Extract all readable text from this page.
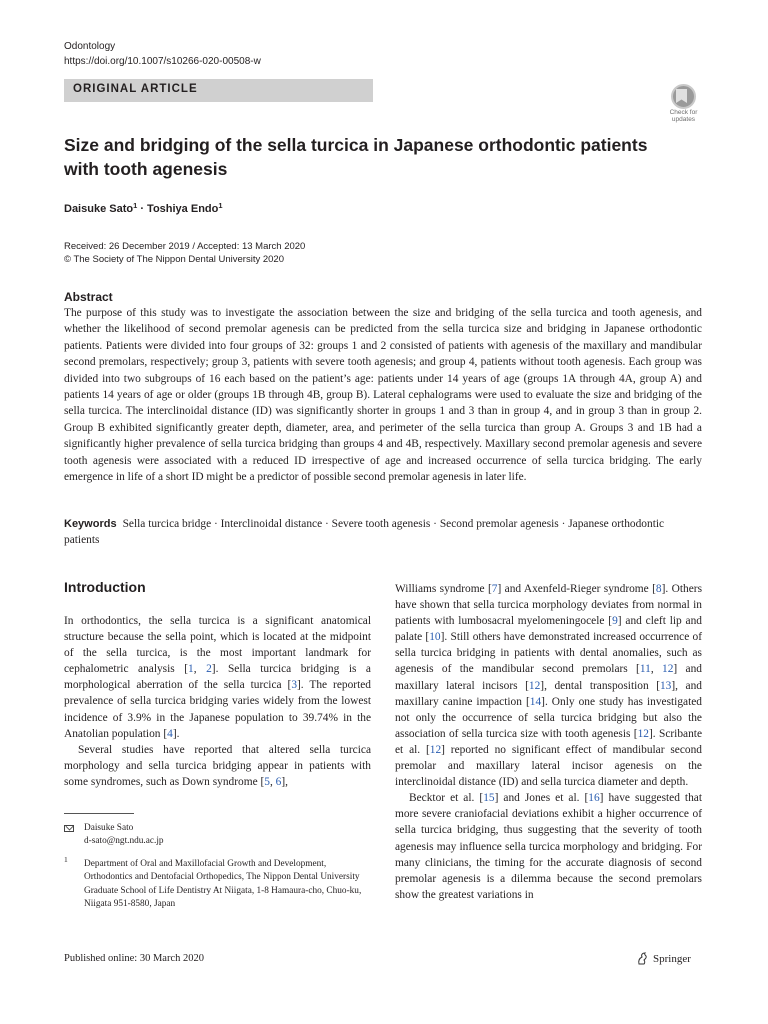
Odontology
https://doi.org/10.1007/s10266-020-00508-w
ORIGINAL ARTICLE
Check for updates
Size and bridging of the sella turcica in Japanese orthodontic patients with tooth agenesis
Daisuke Sato$^1$ · Toshiya Endo$^1$
Received: 26 December 2019 / Accepted: 13 March 2020
© The Society of The Nippon Dental University 2020
Abstract
The purpose of this study was to investigate the association between the size and bridging of the sella turcica and tooth agenesis, and whether the likelihood of second premolar agenesis can be predicted from the sella turcica size and bridging in Japanese orthodontic patients. Patients were divided into four groups of 32: groups 1 and 2 consisted of patients with agenesis of the maxillary and mandibular second premolars, respectively; group 3, patients with severe tooth agenesis; and group 4, patients without tooth agenesis. Each group was divided into two subgroups of 16 each based on the patient’s age: patients under 14 years of age (groups 1A through 4A, group A) and patients 14 years of age or older (groups 1B through 4B, group B). Lateral cephalograms were used to evaluate the size and bridging of the sella turcica. The interclinoidal distance (ID) was significantly shorter in groups 1 and 3 than in group 4, and in group 3 than in group 2. Group B exhibited significantly greater depth, diameter, area, and perimeter of the sella turcica than group A. Groups 3 and 1B had a significantly higher prevalence of sella turcica bridging than groups 4 and 4B, respectively. Maxillary second premolar agenesis and severe tooth agenesis were associated with a reduced ID irrespective of age and increased occurrence of sella turcica bridging. The early emergence in life of a short ID might be a predictor of possible second premolar agenesis in later life.
Keywords Sella turcica bridge · Interclinoidal distance · Severe tooth agenesis · Second premolar agenesis · Japanese orthodontic patients
Introduction

In orthodontics, the sella turcica is a significant anatomical structure because the sella point, which is located at the midpoint of the sella turcica, is the most important landmark for cephalometric analysis [1, 2]. Sella turcica bridging is a morphological aberration of the sella turcica [3]. The reported prevalence of sella turcica bridging varies widely from the lowest incidence of 3.9% in the Japanese population to 39.74% in the Anatolian population [4].

Several studies have reported that altered sella turcica morphology and sella turcica bridging appear in patients with some syndromes, such as Down syndrome [5, 6],

Williams syndrome [7] and Axenfeld-Rieger syndrome [8]. Others have shown that sella turcica morphology deviates from normal in patients with lumbosacral myelomeningocele [9] and cleft lip and palate [10]. Still others have demonstrated increased occurrence of sella turcica bridging in patients with dental anomalies, such as agenesis of the mandibular second premolars [11, 12] and maxillary lateral incisors [12], dental transposition [13], and maxillary canine impaction [14]. Only one study has investigated not only the occurrence of sella turcica bridging but also the association of sella turcica size with tooth agenesis [12]. Scribante et al. [12] reported no significant effect of mandibular second premolar and maxillary lateral incisor agenesis on the interclinoidal distance (ID) and sella turcica diameter and depth.

Becktor et al. [15] and Jones et al. [16] have suggested that more severe craniofacial deviations exhibit a higher occurrence of sella turcica bridging, thus suggesting that the severity of tooth agenesis may influence sella turcica morphology and bridging. For many clinicians, the timing for the accurate diagnosis of second premolar agenesis is a dilemma because the second premolars show the greatest variations in

Daisuke Sato
d-sato@ngt.ndu.ac.jp
$^1$	Department of Oral and Maxillofacial Growth and Development, Orthodontics and Dentofacial Orthopedics, The Nippon Dental University Graduate School of Life Dentistry At Niigata, 1-8 Hamaura-cho, Chuo-ku, Niigata 951-8580, Japan
Published online: 30 March 2020	Springer
